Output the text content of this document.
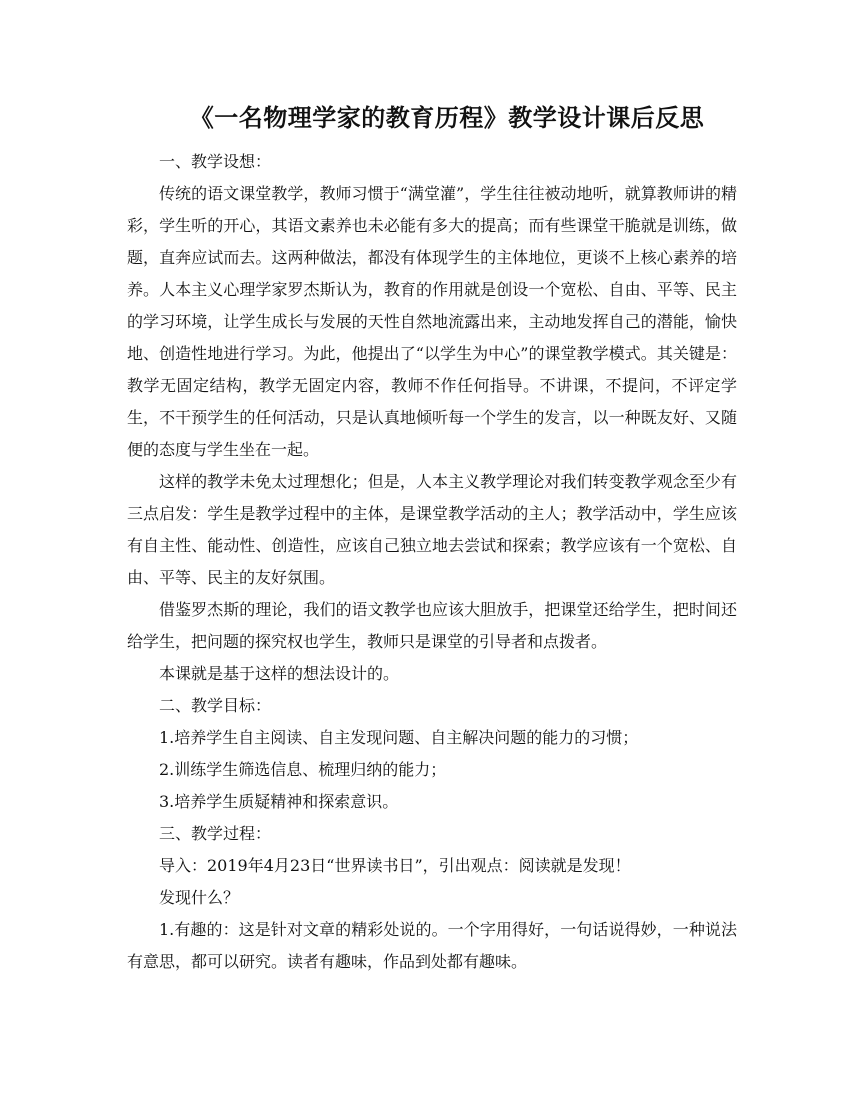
《一名物理学家的教育历程》教学设计课后反思

一、教学设想：

传统的语文课堂教学，教师习惯于“满堂灌”，学生往往被动地听，就算教师讲的精彩，学生听的开心，其语文素养也未必能有多大的提高；而有些课堂干脆就是训练，做题，直奔应试而去。这两种做法，都没有体现学生的主体地位，更谈不上核心素养的培养。人本主义心理学家罗杰斯认为，教育的作用就是创设一个宽松、自由、平等、民主的学习环境，让学生成长与发展的天性自然地流露出来，主动地发挥自己的潜能，愉快地、创造性地进行学习。为此，他提出了“以学生为中心”的课堂教学模式。其关键是：教学无固定结构，教学无固定内容，教师不作任何指导。不讲课，不提问，不评定学生，不干预学生的任何活动，只是认真地倾听每一个学生的发言，以一种既友好、又随便的态度与学生坐在一起。

这样的教学未免太过理想化；但是，人本主义教学理论对我们转变教学观念至少有三点启发：学生是教学过程中的主体，是课堂教学活动的主人；教学活动中，学生应该有自主性、能动性、创造性，应该自己独立地去尝试和探索；教学应该有一个宽松、自由、平等、民主的友好氛围。

借鉴罗杰斯的理论，我们的语文教学也应该大胆放手，把课堂还给学生，把时间还给学生，把问题的探究权也学生，教师只是课堂的引导者和点拨者。

本课就是基于这样的想法设计的。

二、教学目标：

1.培养学生自主阅读、自主发现问题、自主解决问题的能力的习惯；

2.训练学生筛选信息、梳理归纳的能力；

3.培养学生质疑精神和探索意识。

三、教学过程：

导入：2019年4月23日“世界读书日”，引出观点：阅读就是发现！

发现什么？

1.有趣的：这是针对文章的精彩处说的。一个字用得好，一句话说得妙，一种说法有意思，都可以研究。读者有趣味，作品到处都有趣味。
